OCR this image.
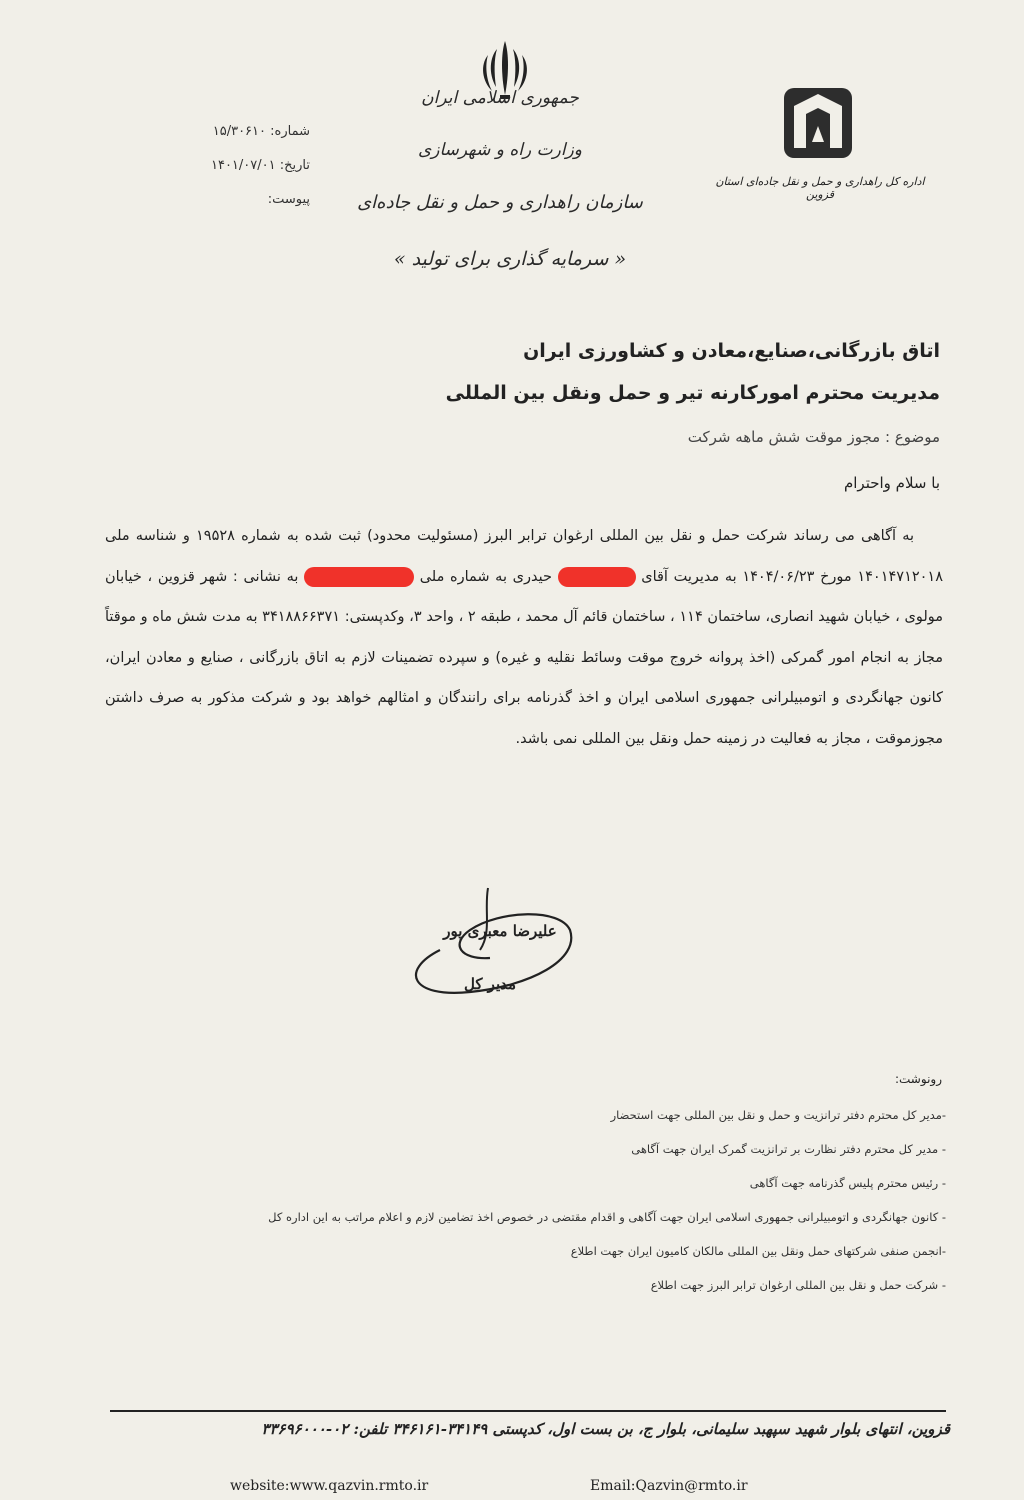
جمهوری اسلامی ایران
وزارت راه و شهرسازی
سازمان راهداری و حمل و نقل جاده‌ای
« سرمایه گذاری برای تولید »
اداره کل راهداری و حمل و نقل جاده‌ای استان قزوین
شماره: ۱۵/۳۰۶۱۰
تاریخ: ۱۴۰۱/۰۷/۰۱
پیوست:
اتاق بازرگانی،صنایع،معادن و کشاورزی ایران
مدیریت محترم امورکارنه تیر و حمل ونقل بین المللی
موضوع : مجوز موقت شش ماهه شرکت
با سلام واحترام
  به آگاهی می رساند شرکت حمل و نقل بین المللی ارغوان ترابر البرز (مسئولیت محدود) ثبت شده به شماره ۱۹۵۲۸ و شناسه ملی ۱۴۰۱۴۷۱۲۰۱۸ مورخ ۱۴۰۴/۰۶/۲۳ به مدیریت آقای  حیدری به شماره ملی  به نشانی : شهر قزوین ، خیابان مولوی ، خیابان شهید انصاری، ساختمان ۱۱۴ ، ساختمان قائم آل محمد ، طبقه ۲ ، واحد ۳، وکدپستی: ۳۴۱۸۸۶۶۳۷۱ به مدت شش ماه و موقتاً مجاز به انجام امور گمرکی (اخذ پروانه خروج موقت وسائط نقلیه و غیره) و سپرده تضمینات لازم به اتاق بازرگانی ، صنایع و معادن ایران، کانون جهانگردی و اتومبیلرانی جمهوری اسلامی ایران و اخذ گذرنامه برای رانندگان و امثالهم خواهد بود و شرکت مذکور به صرف داشتن مجوزموقت ، مجاز به فعالیت در زمینه حمل ونقل بین المللی نمی باشد.
علیرضا معبری پور
مدیر کل
رونوشت:
-مدیر کل محترم دفتر ترانزیت و حمل و نقل بین المللی جهت استحضار
- مدیر کل محترم دفتر نظارت بر ترانزیت گمرک ایران جهت آگاهی
- رئیس محترم پلیس گذرنامه جهت آگاهی
- کانون جهانگردی و اتومبیلرانی جمهوری اسلامی ایران جهت آگاهی و اقدام مقتضی در خصوص اخذ تضامین لازم و اعلام مراتب به این اداره کل
-انجمن صنفی شرکتهای حمل ونقل بین المللی مالکان کامیون ایران جهت اطلاع
- شرکت حمل و نقل بین المللی ارغوان ترابر البرز جهت اطلاع
قزوین، انتهای بلوار شهید سپهبد سلیمانی، بلوار ج، بن بست اول، کدپستی ۳۴۱۴۹-۳۴۶۱۶۱ تلفن: ۰۲-۳۳۶۹۶۰۰۰
website:www.qazvin.rmto.ir	Email:Qazvin@rmto.ir
